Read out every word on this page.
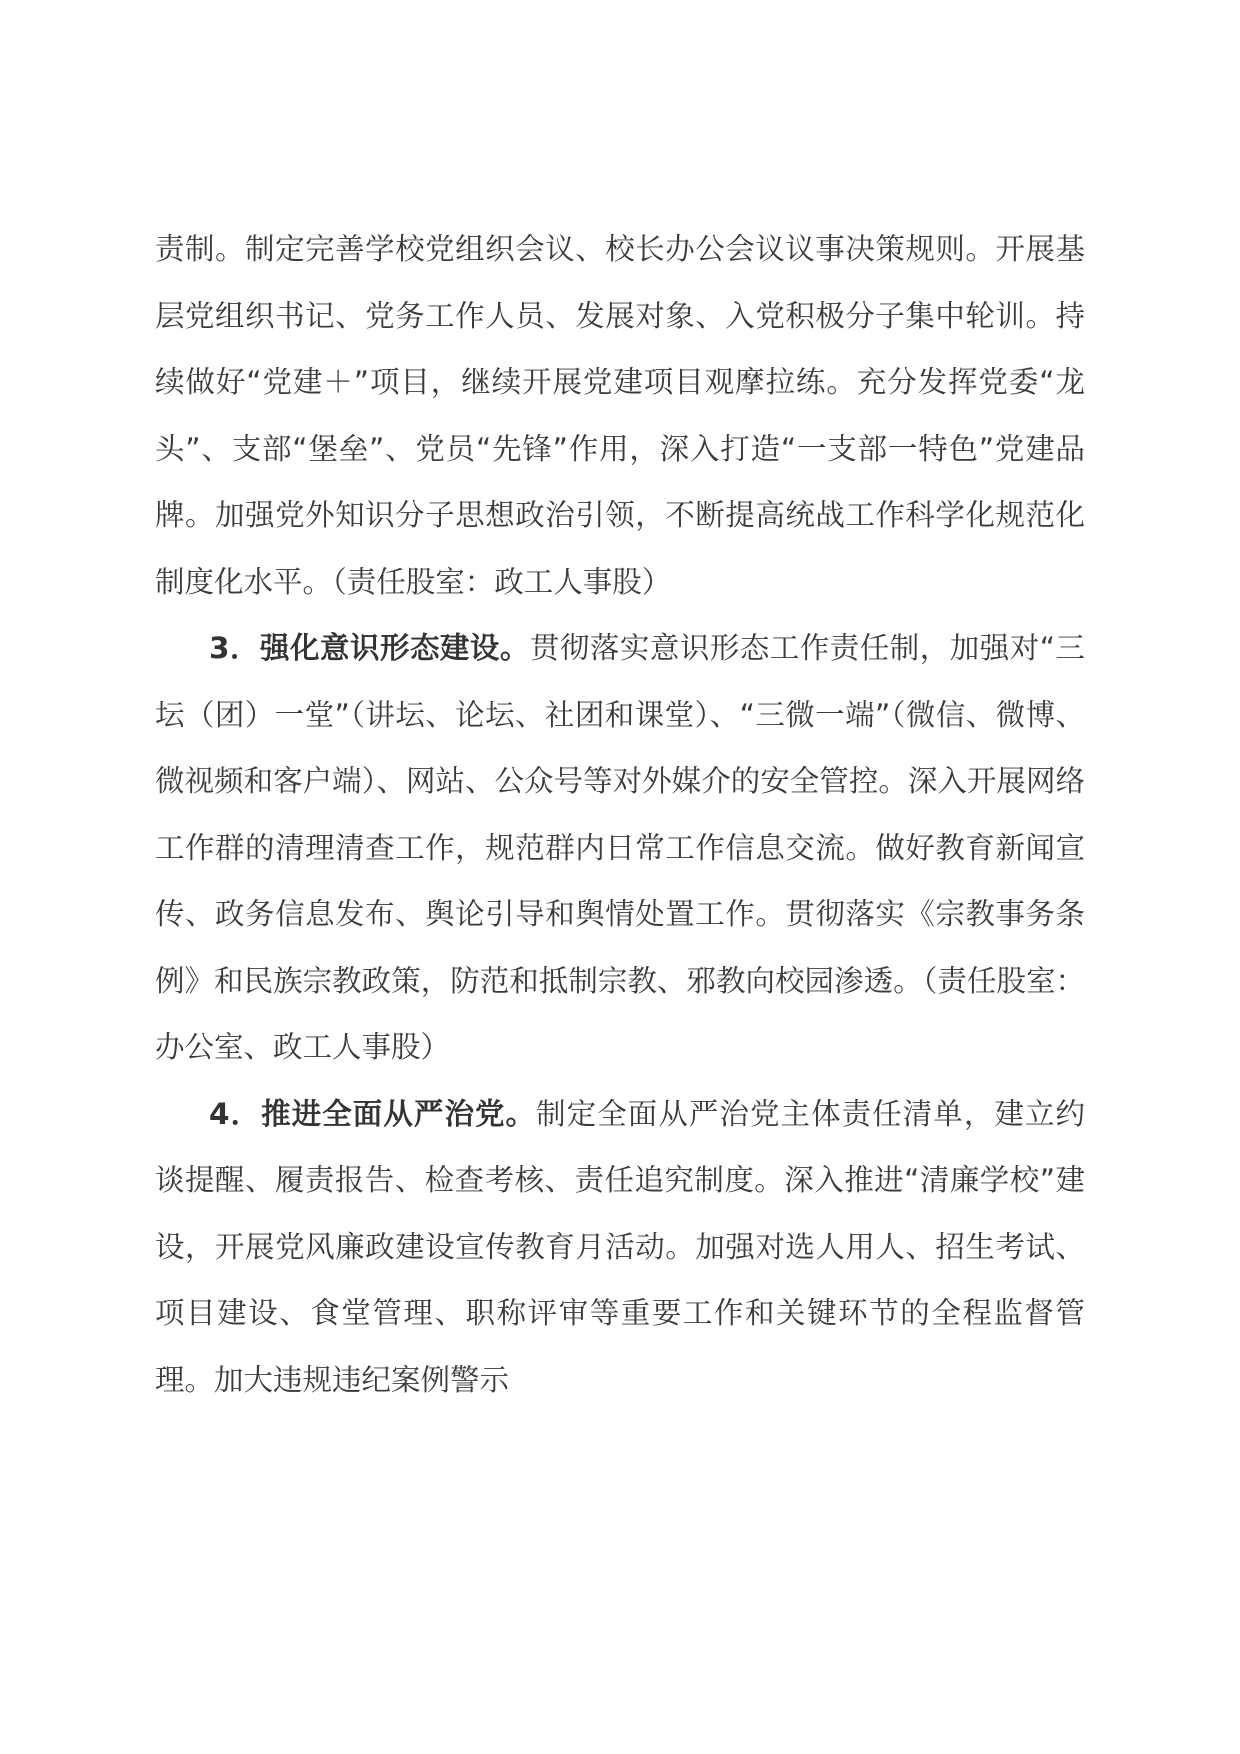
责制。制定完善学校党组织会议、校长办公会议议事决策规则。开展基层党组织书记、党务工作人员、发展对象、入党积极分子集中轮训。持续做好“党建＋”项目，继续开展党建项目观摩拉练。充分发挥党委“龙头”、支部“堡垒”、党员“先锋”作用，深入打造“一支部一特色”党建品牌。加强党外知识分子思想政治引领，不断提高统战工作科学化规范化制度化水平。（责任股室：政工人事股）

3．强化意识形态建设。贯彻落实意识形态工作责任制，加强对“三坛（团）一堂”（讲坛、论坛、社团和课堂）、“三微一端”（微信、微博、微视频和客户端）、网站、公众号等对外媒介的安全管控。深入开展网络工作群的清理清查工作，规范群内日常工作信息交流。做好教育新闻宣传、政务信息发布、舆论引导和舆情处置工作。贯彻落实《宗教事务条例》和民族宗教政策，防范和抵制宗教、邪教向校园渗透。（责任股室：办公室、政工人事股）

4．推进全面从严治党。制定全面从严治党主体责任清单，建立约谈提醒、履责报告、检查考核、责任追究制度。深入推进“清廉学校”建设，开展党风廉政建设宣传教育月活动。加强对选人用人、招生考试、项目建设、食堂管理、职称评审等重要工作和关键环节的全程监督管理。加大违规违纪案例警示
